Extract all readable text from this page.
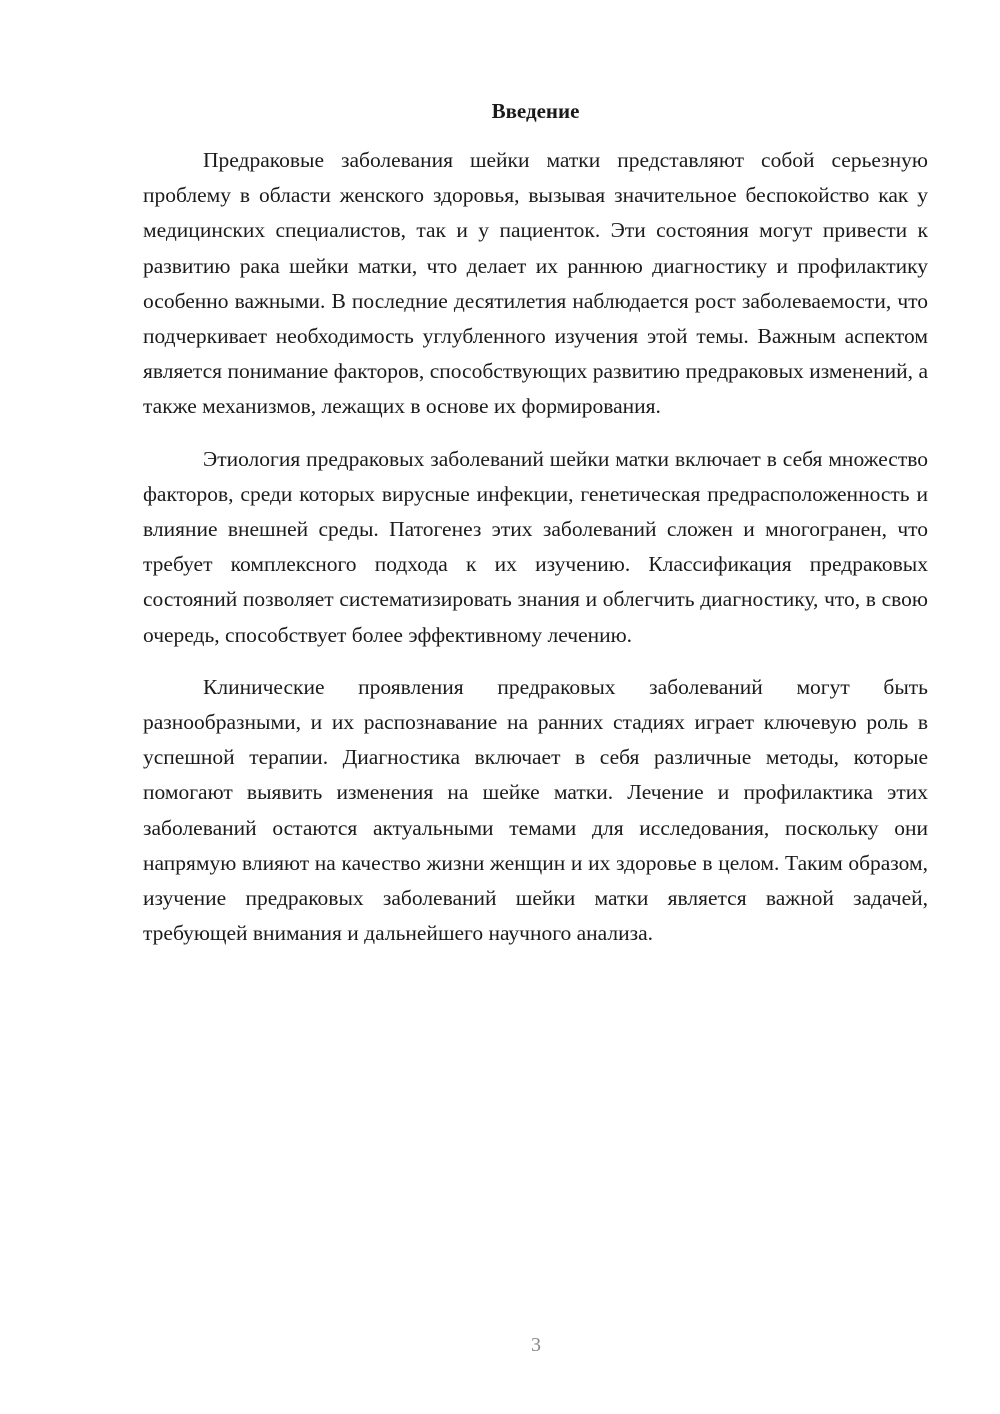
Введение

Предраковые заболевания шейки матки представляют собой серьезную проблему в области женского здоровья, вызывая значительное беспокойство как у медицинских специалистов, так и у пациенток. Эти состояния могут привести к развитию рака шейки матки, что делает их раннюю диагностику и профилактику особенно важными. В последние десятилетия наблюдается рост заболеваемости, что подчеркивает необходимость углубленного изучения этой темы. Важным аспектом является понимание факторов, способствующих развитию предраковых изменений, а также механизмов, лежащих в основе их формирования.

Этиология предраковых заболеваний шейки матки включает в себя множество факторов, среди которых вирусные инфекции, генетическая предрасположенность и влияние внешней среды. Патогенез этих заболеваний сложен и многогранен, что требует комплексного подхода к их изучению. Классификация предраковых состояний позволяет систематизировать знания и облегчить диагностику, что, в свою очередь, способствует более эффективному лечению.

Клинические проявления предраковых заболеваний могут быть разнообразными, и их распознавание на ранних стадиях играет ключевую роль в успешной терапии. Диагностика включает в себя различные методы, которые помогают выявить изменения на шейке матки. Лечение и профилактика этих заболеваний остаются актуальными темами для исследования, поскольку они напрямую влияют на качество жизни женщин и их здоровье в целом. Таким образом, изучение предраковых заболеваний шейки матки является важной задачей, требующей внимания и дальнейшего научного анализа.

3
